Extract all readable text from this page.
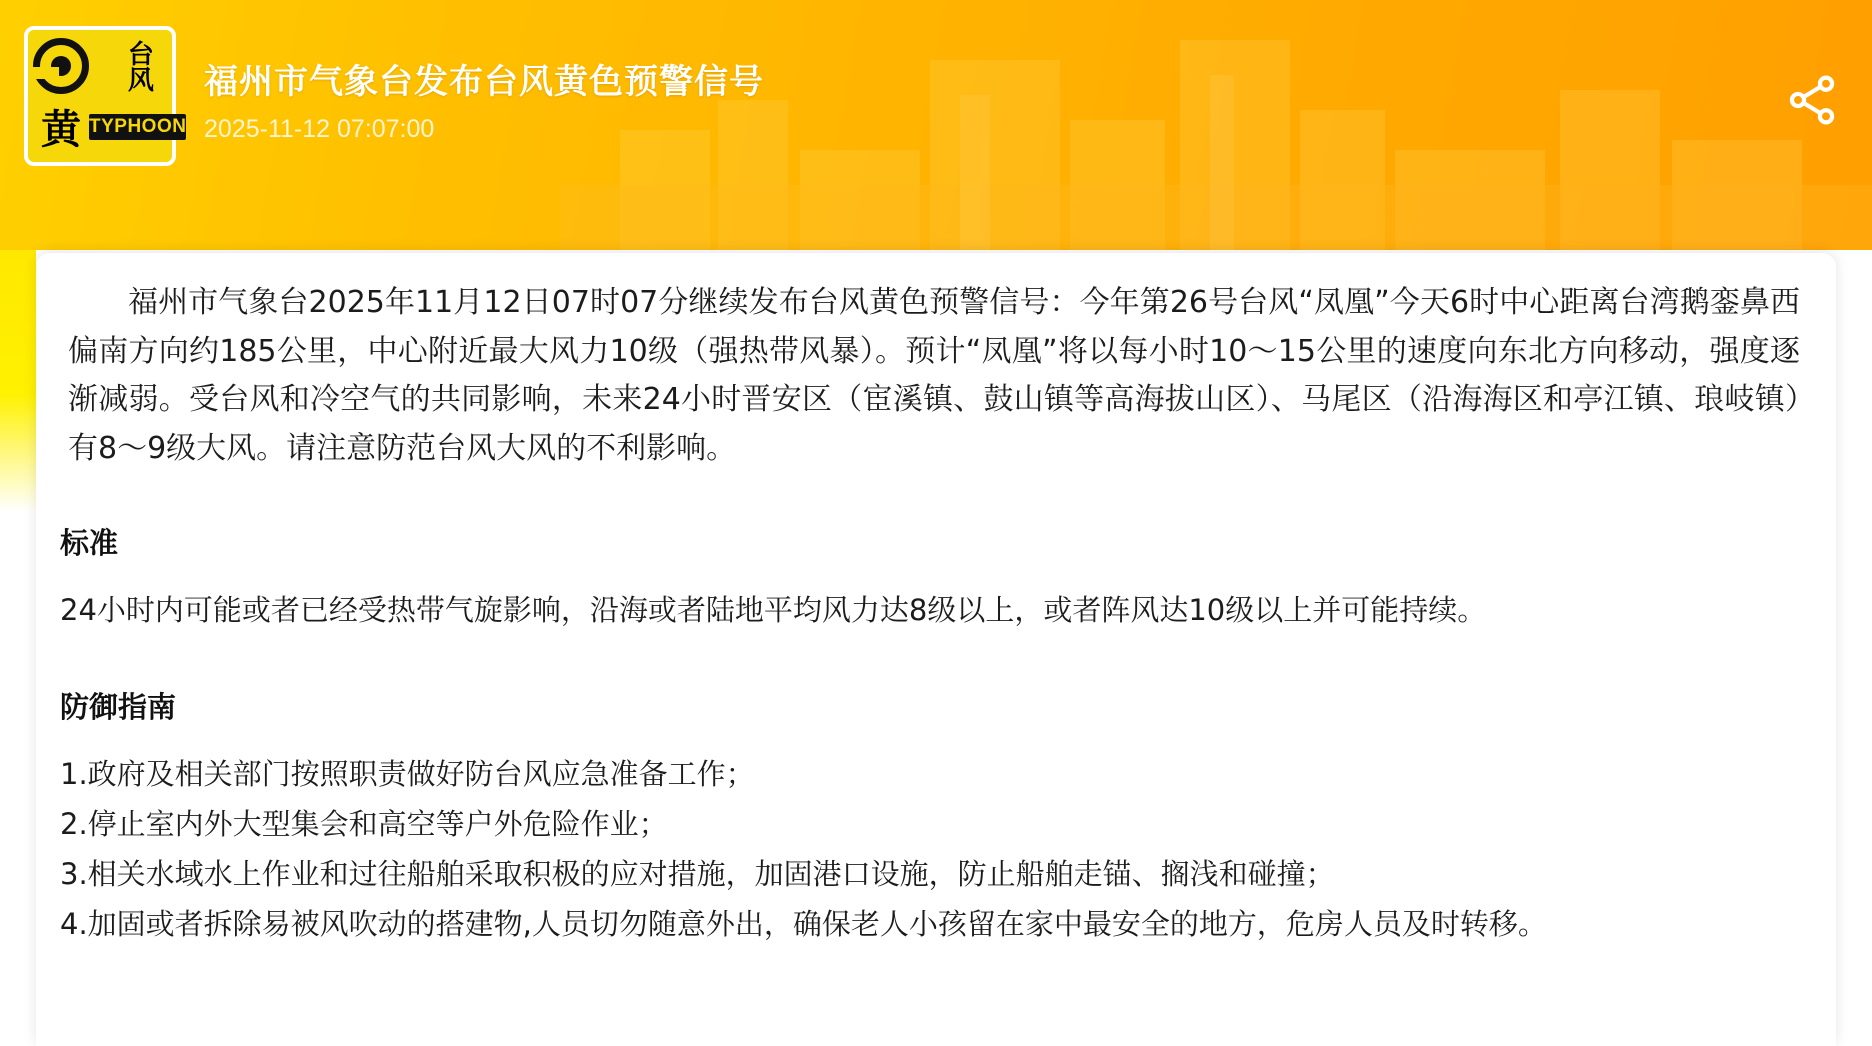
台风
黄 TYPHOON
福州市气象台发布台风黄色预警信号
2025-11-12 07:07:00

福州市气象台2025年11月12日07时07分继续发布台风黄色预警信号：今年第26号台风“凤凰”今天6时中心距离台湾鹅銮鼻西偏南方向约185公里，中心附近最大风力10级（强热带风暴）。预计“凤凰”将以每小时10～15公里的速度向东北方向移动，强度逐渐减弱。受台风和冷空气的共同影响，未来24小时晋安区（宦溪镇、鼓山镇等高海拔山区）、马尾区（沿海海区和亭江镇、琅岐镇）有8～9级大风。请注意防范台风大风的不利影响。

标准
24小时内可能或者已经受热带气旋影响，沿海或者陆地平均风力达8级以上，或者阵风达10级以上并可能持续。
防御指南
1.政府及相关部门按照职责做好防台风应急准备工作；
2.停止室内外大型集会和高空等户外危险作业；
3.相关水域水上作业和过往船舶采取积极的应对措施，加固港口设施，防止船舶走锚、搁浅和碰撞；
4.加固或者拆除易被风吹动的搭建物,人员切勿随意外出，确保老人小孩留在家中最安全的地方，危房人员及时转移。
